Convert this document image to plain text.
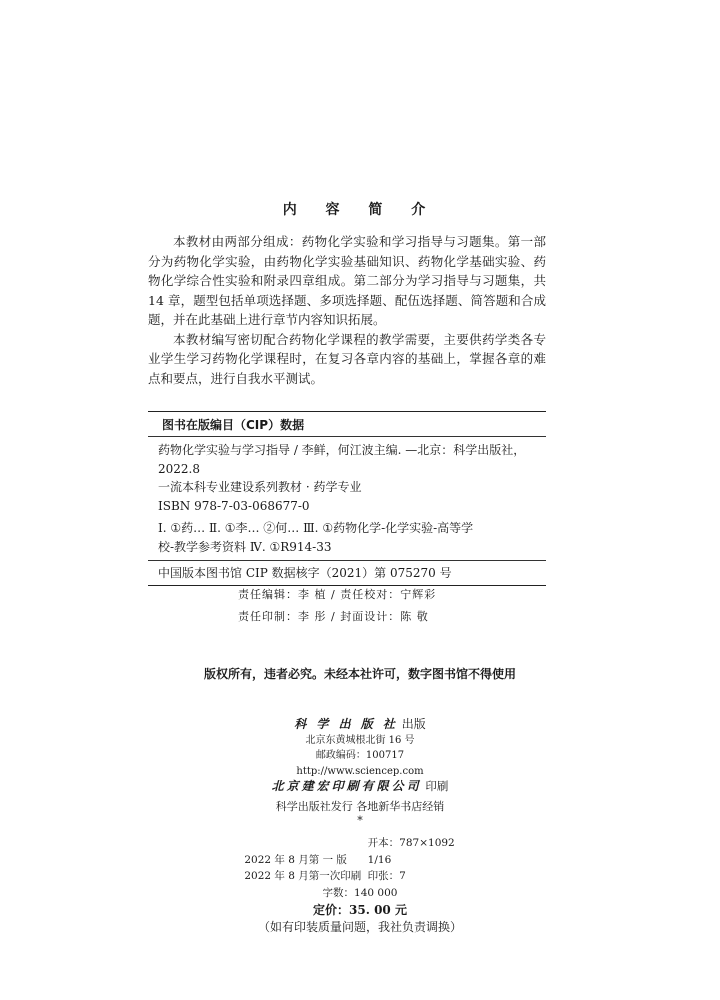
内 容 简 介

本教材由两部分组成：药物化学实验和学习指导与习题集。第一部分为药物化学实验，由药物化学实验基础知识、药物化学基础实验、药物化学综合性实验和附录四章组成。第二部分为学习指导与习题集，共 14 章，题型包括单项选择题、多项选择题、配伍选择题、简答题和合成题，并在此基础上进行章节内容知识拓展。

本教材编写密切配合药物化学课程的教学需要，主要供药学类各专业学生学习药物化学课程时，在复习各章内容的基础上，掌握各章的难点和要点，进行自我水平测试。

图书在版编目（CIP）数据
药物化学实验与学习指导 / 李鲜，何江波主编. —北京：科学出版社，
2022.8
一流本科专业建设系列教材 · 药学专业
ISBN 978-7-03-068677-0
Ⅰ. ①药… Ⅱ. ①李… ②何… Ⅲ. ①药物化学-化学实验-高等学
校-教学参考资料 Ⅳ. ①R914-33
中国版本图书馆 CIP 数据核字（2021）第 075270 号
责任编辑：李 植 / 责任校对：宁辉彩
责任印制：李 彤 / 封面设计：陈 敬
版权所有，违者必究。未经本社许可，数字图书馆不得使用
科 学 出 版 社 出版
北京东黄城根北街 16 号
邮政编码：100717
http://www.sciencep.com
北京建宏印刷有限公司 印刷
科学出版社发行 各地新华书店经销
*
2022 年 8 月第 一 版 开本：787×1092 1/16
2022 年 8 月第一次印刷 印张：7
字数：140 000
定价：35. 00 元
（如有印装质量问题，我社负责调换）
